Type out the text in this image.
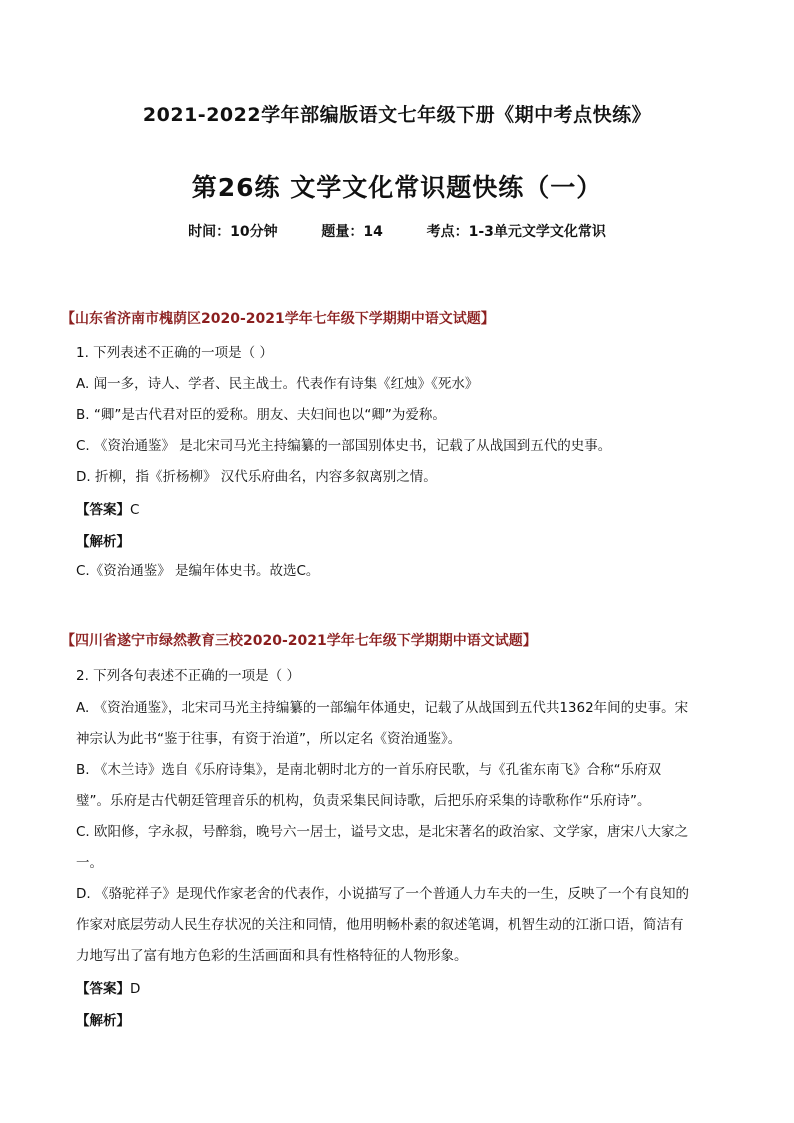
2021-2022学年部编版语文七年级下册《期中考点快练》
第26练 文学文化常识题快练（一）
时间：10分钟	题量：14	考点：1-3单元文学文化常识
【山东省济南市槐荫区2020-2021学年七年级下学期期中语文试题】
1. 下列表述不正确的一项是（ ）
A. 闻一多，诗人、学者、民主战士。代表作有诗集《红烛》《死水》
B. “卿”是古代君对臣的爱称。朋友、夫妇间也以“卿”为爱称。
C. 《资治通鉴》 是北宋司马光主持编纂的一部国别体史书，记载了从战国到五代的史事。
D. 折柳，指《折杨柳》 汉代乐府曲名，内容多叙离别之情。
【答案】C
【解析】
C.《资治通鉴》 是编年体史书。故选C。
【四川省遂宁市绿然教育三校2020-2021学年七年级下学期期中语文试题】
2. 下列各句表述不正确的一项是（ ）
A. 《资治通鉴》，北宋司马光主持编纂的一部编年体通史，记载了从战国到五代共1362年间的史事。宋
神宗认为此书“鉴于往事，有资于治道”，所以定名《资治通鉴》。
B. 《木兰诗》选自《乐府诗集》，是南北朝时北方的一首乐府民歌，与《孔雀东南飞》合称“乐府双
璧”。乐府是古代朝廷管理音乐的机构，负责采集民间诗歌，后把乐府采集的诗歌称作“乐府诗”。
C. 欧阳修，字永叔，号醉翁，晚号六一居士，谥号文忠，是北宋著名的政治家、文学家，唐宋八大家之
一。
D. 《骆驼祥子》是现代作家老舍的代表作，小说描写了一个普通人力车夫的一生，反映了一个有良知的
作家对底层劳动人民生存状况的关注和同情，他用明畅朴素的叙述笔调，机智生动的江浙口语，简洁有
力地写出了富有地方色彩的生活画面和具有性格特征的人物形象。
【答案】D
【解析】
